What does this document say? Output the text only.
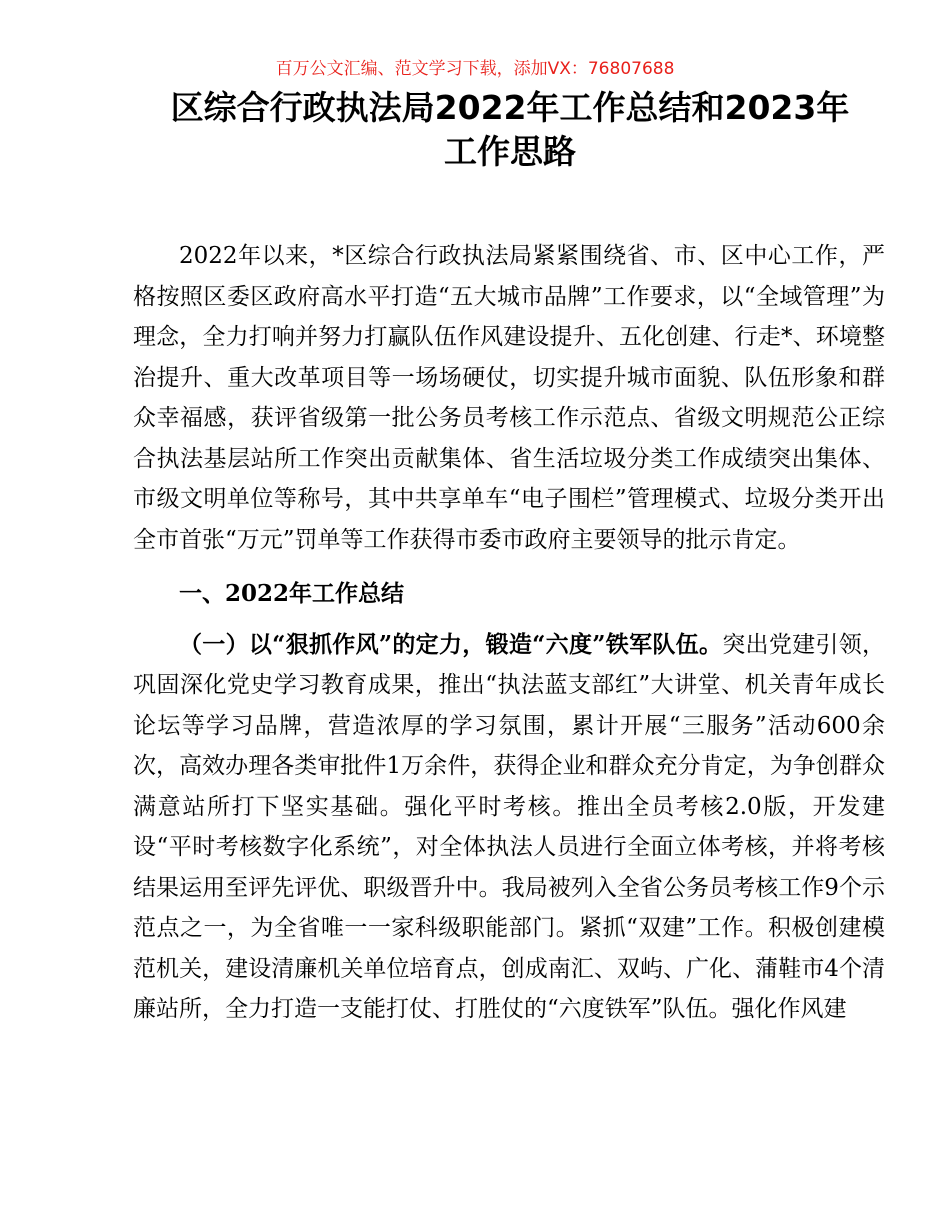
百万公文汇编、范文学习下载，添加VX：76807688
区综合行政执法局2022年工作总结和2023年
工作思路

2022年以来，*区综合行政执法局紧紧围绕省、市、区中心工作，严格按照区委区政府高水平打造“五大城市品牌”工作要求，以“全域管理”为理念，全力打响并努力打赢队伍作风建设提升、五化创建、行走*、环境整治提升、重大改革项目等一场场硬仗，切实提升城市面貌、队伍形象和群众幸福感，获评省级第一批公务员考核工作示范点、省级文明规范公正综合执法基层站所工作突出贡献集体、省生活垃圾分类工作成绩突出集体、市级文明单位等称号，其中共享单车“电子围栏”管理模式、垃圾分类开出全市首张“万元”罚单等工作获得市委市政府主要领导的批示肯定。

一、2022年工作总结

（一）以“狠抓作风”的定力，锻造“六度”铁军队伍。突出党建引领，巩固深化党史学习教育成果，推出“执法蓝支部红”大讲堂、机关青年成长论坛等学习品牌，营造浓厚的学习氛围，累计开展“三服务”活动600余次，高效办理各类审批件1万余件，获得企业和群众充分肯定，为争创群众满意站所打下坚实基础。强化平时考核。推出全员考核2.0版，开发建设“平时考核数字化系统”，对全体执法人员进行全面立体考核，并将考核结果运用至评先评优、职级晋升中。我局被列入全省公务员考核工作9个示范点之一，为全省唯一一家科级职能部门。紧抓“双建”工作。积极创建模范机关，建设清廉机关单位培育点，创成南汇、双屿、广化、蒲鞋市4个清廉站所，全力打造一支能打仗、打胜仗的“六度铁军”队伍。强化作风建
